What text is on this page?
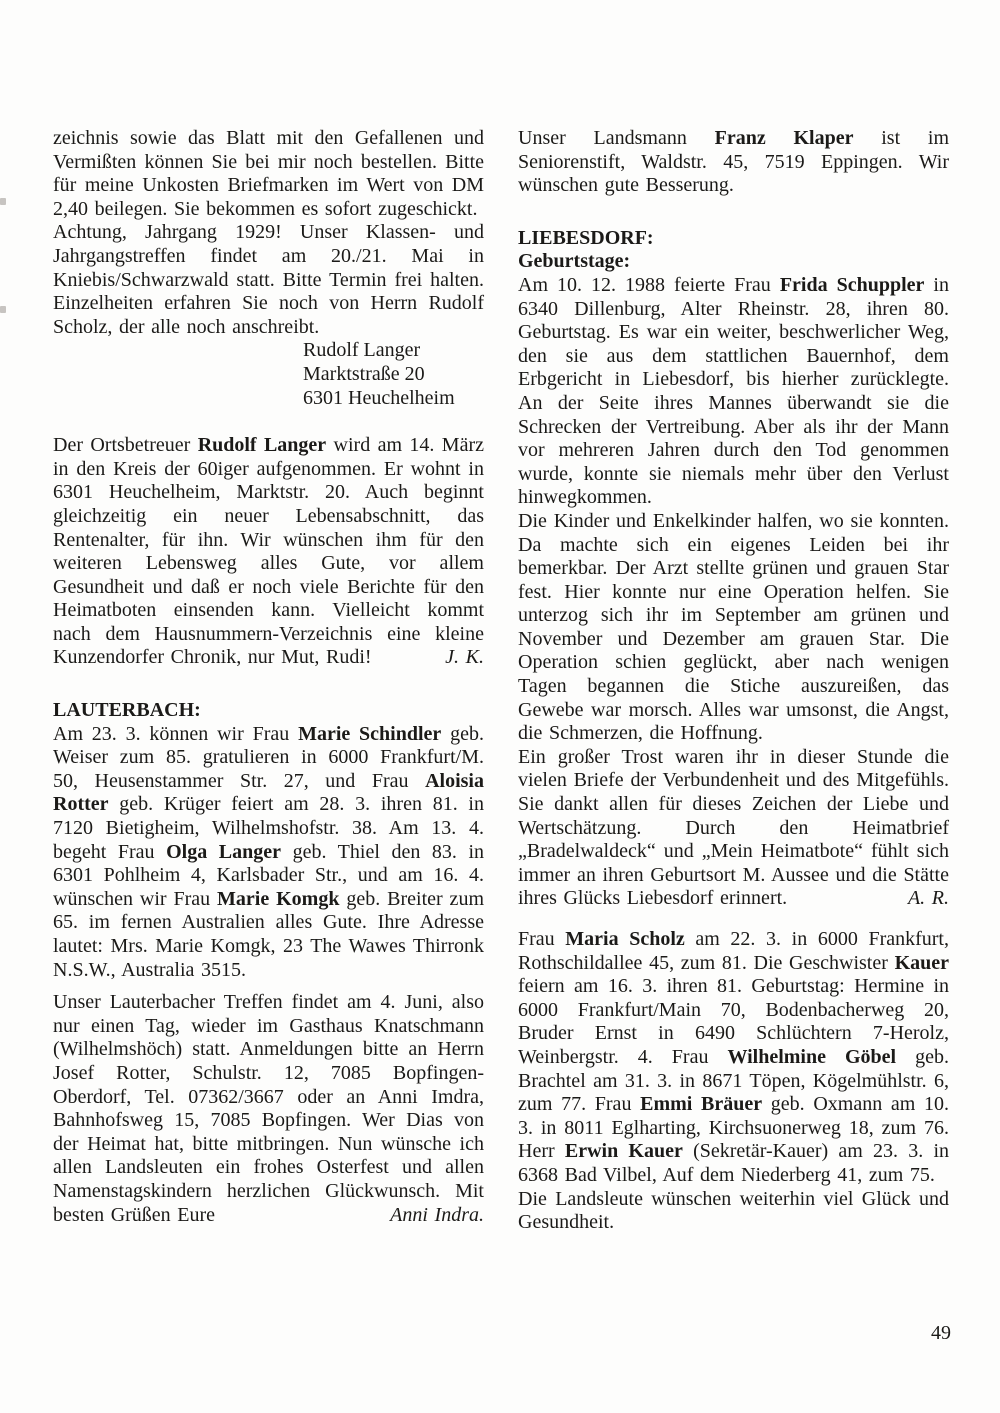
zeichnis sowie das Blatt mit den Gefallenen und Vermißten können Sie bei mir noch bestellen. Bitte für meine Unkosten Briefmarken im Wert von DM 2,40 beilegen. Sie bekommen es sofort zugeschickt.

Achtung, Jahrgang 1929! Unser Klassen- und Jahrgangstreffen findet am 20./21. Mai in Kniebis/Schwarzwald statt. Bitte Termin frei halten. Einzelheiten erfahren Sie noch von Herrn Rudolf Scholz, der alle noch anschreibt.

Rudolf Langer
Marktstraße 20
6301 Heuchelheim

Der Ortsbetreuer Rudolf Langer wird am 14. März in den Kreis der 60iger aufgenommen. Er wohnt in 6301 Heuchelheim, Marktstr. 20. Auch beginnt gleichzeitig ein neuer Lebensabschnitt, das Rentenalter, für ihn. Wir wünschen ihm für den weiteren Lebensweg alles Gute, vor allem Gesundheit und daß er noch viele Berichte für den Heimatboten einsenden kann. Vielleicht kommt nach dem Hausnummern-Verzeichnis eine kleine Kunzendorfer Chronik, nur Mut, Rudi!	J. K.

LAUTERBACH:

Am 23. 3. können wir Frau Marie Schindler geb. Weiser zum 85. gratulieren in 6000 Frankfurt/M. 50, Heusenstammer Str. 27, und Frau Aloisia Rotter geb. Krüger feiert am 28. 3. ihren 81. in 7120 Bietigheim, Wilhelmshofstr. 38. Am 13. 4. begeht Frau Olga Langer geb. Thiel den 83. in 6301 Pohlheim 4, Karlsbader Str., und am 16. 4. wünschen wir Frau Marie Komgk geb. Breiter zum 65. im fernen Australien alles Gute. Ihre Adresse lautet: Mrs. Marie Komgk, 23 The Wawes Thirronk N.S.W., Australia 3515.

Unser Lauterbacher Treffen findet am 4. Juni, also nur einen Tag, wieder im Gasthaus Knatschmann (Wilhelmshöch) statt. Anmeldungen bitte an Herrn Josef Rotter, Schulstr. 12, 7085 Bopfingen-Oberdorf, Tel. 07362/3667 oder an Anni Imdra, Bahnhofsweg 15, 7085 Bopfingen. Wer Dias von der Heimat hat, bitte mitbringen. Nun wünsche ich allen Landsleuten ein frohes Osterfest und allen Namenstagskindern herzlichen Glückwunsch. Mit besten Grüßen Eure	Anni Indra.

Unser Landsmann Franz Klaper ist im Seniorenstift, Waldstr. 45, 7519 Eppingen. Wir wünschen gute Besserung.

LIEBESDORF:
Geburtstage:

Am 10. 12. 1988 feierte Frau Frida Schuppler in 6340 Dillenburg, Alter Rheinstr. 28, ihren 80. Geburtstag. Es war ein weiter, beschwerlicher Weg, den sie aus dem stattlichen Bauernhof, dem Erbgericht in Liebesdorf, bis hierher zurücklegte. An der Seite ihres Mannes überwandt sie die Schrecken der Vertreibung. Aber als ihr der Mann vor mehreren Jahren durch den Tod genommen wurde, konnte sie niemals mehr über den Verlust hinwegkommen.

Die Kinder und Enkelkinder halfen, wo sie konnten. Da machte sich ein eigenes Leiden bei ihr bemerkbar. Der Arzt stellte grünen und grauen Star fest. Hier konnte nur eine Operation helfen. Sie unterzog sich ihr im September am grünen und November und Dezember am grauen Star. Die Operation schien geglückt, aber nach wenigen Tagen begannen die Stiche auszureißen, das Gewebe war morsch. Alles war umsonst, die Angst, die Schmerzen, die Hoffnung.

Ein großer Trost waren ihr in dieser Stunde die vielen Briefe der Verbundenheit und des Mitgefühls. Sie dankt allen für dieses Zeichen der Liebe und Wertschätzung. Durch den Heimatbrief „Bradelwaldeck“ und „Mein Heimatbote“ fühlt sich immer an ihren Geburtsort M. Aussee und die Stätte ihres Glücks Liebesdorf erinnert.	A. R.

Frau Maria Scholz am 22. 3. in 6000 Frankfurt, Rothschildallee 45, zum 81. Die Geschwister Kauer feiern am 16. 3. ihren 81. Geburtstag: Hermine in 6000 Frankfurt/Main 70, Bodenbacherweg 20, Bruder Ernst in 6490 Schlüchtern 7-Herolz, Weinbergstr. 4. Frau Wilhelmine Göbel geb. Brachtel am 31. 3. in 8671 Töpen, Kögelmühlstr. 6, zum 77. Frau Emmi Bräuer geb. Oxmann am 10. 3. in 8011 Eglharting, Kirchsuonerweg 18, zum 76. Herr Erwin Kauer (Sekretär-Kauer) am 23. 3. in 6368 Bad Vilbel, Auf dem Niederberg 41, zum 75.

Die Landsleute wünschen weiterhin viel Glück und Gesundheit.

49
